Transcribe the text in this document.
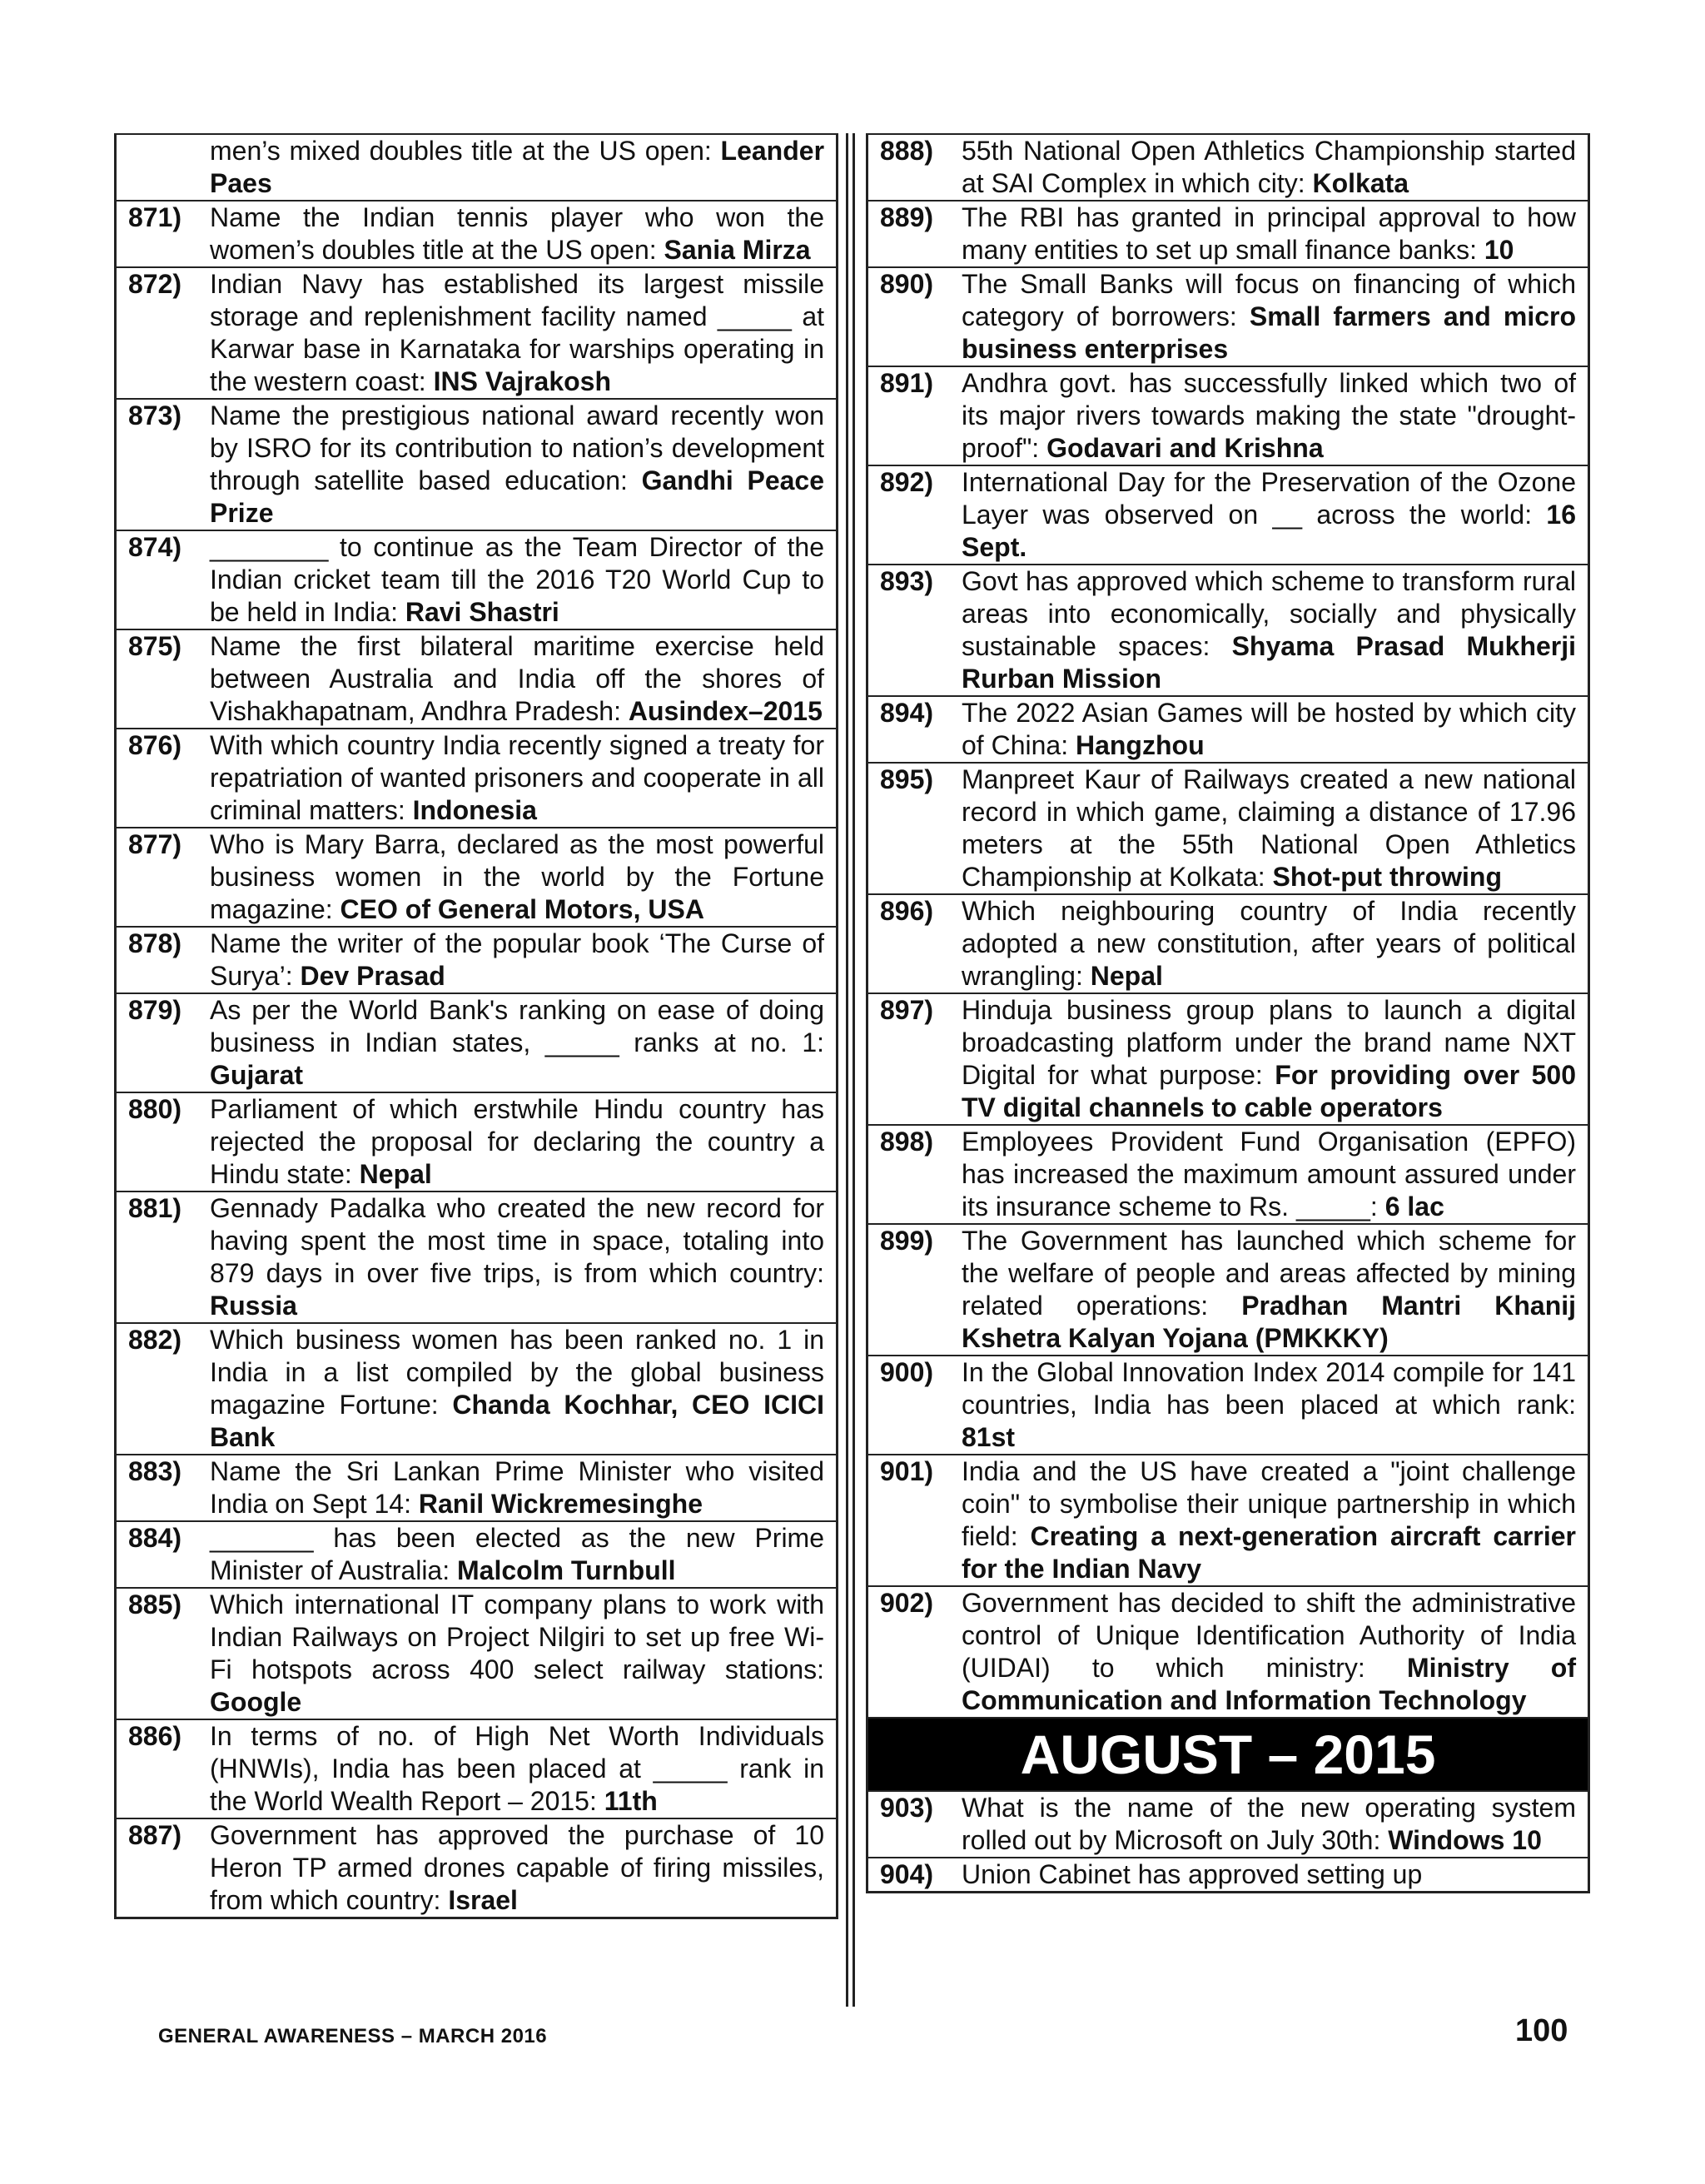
men’s mixed doubles title at the US open: Leander Paes
871)	Name the Indian tennis player who won the women’s doubles title at the US open: Sania Mirza
872)	Indian Navy has established its largest missile storage and replenishment facility named _____ at Karwar base in Karnataka for warships operating in the western coast: INS Vajrakosh
873)	Name the prestigious national award recently won by ISRO for its contribution to nation’s development through satellite based education: Gandhi Peace Prize
874)	________ to continue as the Team Director of the Indian cricket team till the 2016 T20 World Cup to be held in India: Ravi Shastri
875)	Name the first bilateral maritime exercise held between Australia and India off the shores of Vishakhapatnam, Andhra Pradesh: Ausindex–2015
876)	With which country India recently signed a treaty for repatriation of wanted prisoners and cooperate in all criminal matters: Indonesia
877)	Who is Mary Barra, declared as the most powerful business women in the world by the Fortune magazine: CEO of General Motors, USA
878)	Name the writer of the popular book ‘The Curse of Surya’: Dev Prasad
879)	As per the World Bank's ranking on ease of doing business in Indian states, _____ ranks at no. 1: Gujarat
880)	Parliament of which erstwhile Hindu country has rejected the proposal for declaring the country a Hindu state: Nepal
881)	Gennady Padalka who created the new record for having spent the most time in space, totaling into 879 days in over five trips, is from which country: Russia
882)	Which business women has been ranked no. 1 in India in a list compiled by the global business magazine Fortune: Chanda Kochhar, CEO ICICI Bank
883)	Name the Sri Lankan Prime Minister who visited India on Sept 14: Ranil Wickremesinghe
884)	_______ has been elected as the new Prime Minister of Australia: Malcolm Turnbull
885)	Which international IT company plans to work with Indian Railways on Project Nilgiri to set up free Wi-Fi hotspots across 400 select railway stations: Google
886)	In terms of no. of High Net Worth Individuals (HNWIs), India has been placed at _____ rank in the World Wealth Report – 2015: 11th
887)	Government has approved the purchase of 10 Heron TP armed drones capable of firing missiles, from which country: Israel
888)	55th National Open Athletics Championship started at SAI Complex in which city: Kolkata
889)	The RBI has granted in principal approval to how many entities to set up small finance banks: 10
890)	The Small Banks will focus on financing of which category of borrowers: Small farmers and micro business enterprises
891)	Andhra govt. has successfully linked which two of its major rivers towards making the state "drought-proof": Godavari and Krishna
892)	International Day for the Preservation of the Ozone Layer was observed on __ across the world: 16 Sept.
893)	Govt has approved which scheme to transform rural areas into economically, socially and physically sustainable spaces: Shyama Prasad Mukherji Rurban Mission
894)	The 2022 Asian Games will be hosted by which city of China: Hangzhou
895)	Manpreet Kaur of Railways created a new national record in which game, claiming a distance of 17.96 meters at the 55th National Open Athletics Championship at Kolkata: Shot-put throwing
896)	Which neighbouring country of India recently adopted a new constitution, after years of political wrangling: Nepal
897)	Hinduja business group plans to launch a digital broadcasting platform under the brand name NXT Digital for what purpose: For providing over 500 TV digital channels to cable operators
898)	Employees Provident Fund Organisation (EPFO) has increased the maximum amount assured under its insurance scheme to Rs. _____: 6 lac
899)	The Government has launched which scheme for the welfare of people and areas affected by mining related operations: Pradhan Mantri Khanij Kshetra Kalyan Yojana (PMKKKY)
900)	In the Global Innovation Index 2014 compile for 141 countries, India has been placed at which rank: 81st
901)	India and the US have created a "joint challenge coin" to symbolise their unique partnership in which field: Creating a next-generation aircraft carrier for the Indian Navy
902)	Government has decided to shift the administrative control of Unique Identification Authority of India (UIDAI) to which ministry: Ministry of Communication and Information Technology
AUGUST – 2015
903)	What is the name of the new operating system rolled out by Microsoft on July 30th: Windows 10
904)	Union Cabinet has approved setting up
GENERAL AWARENESS – MARCH 2016	100
